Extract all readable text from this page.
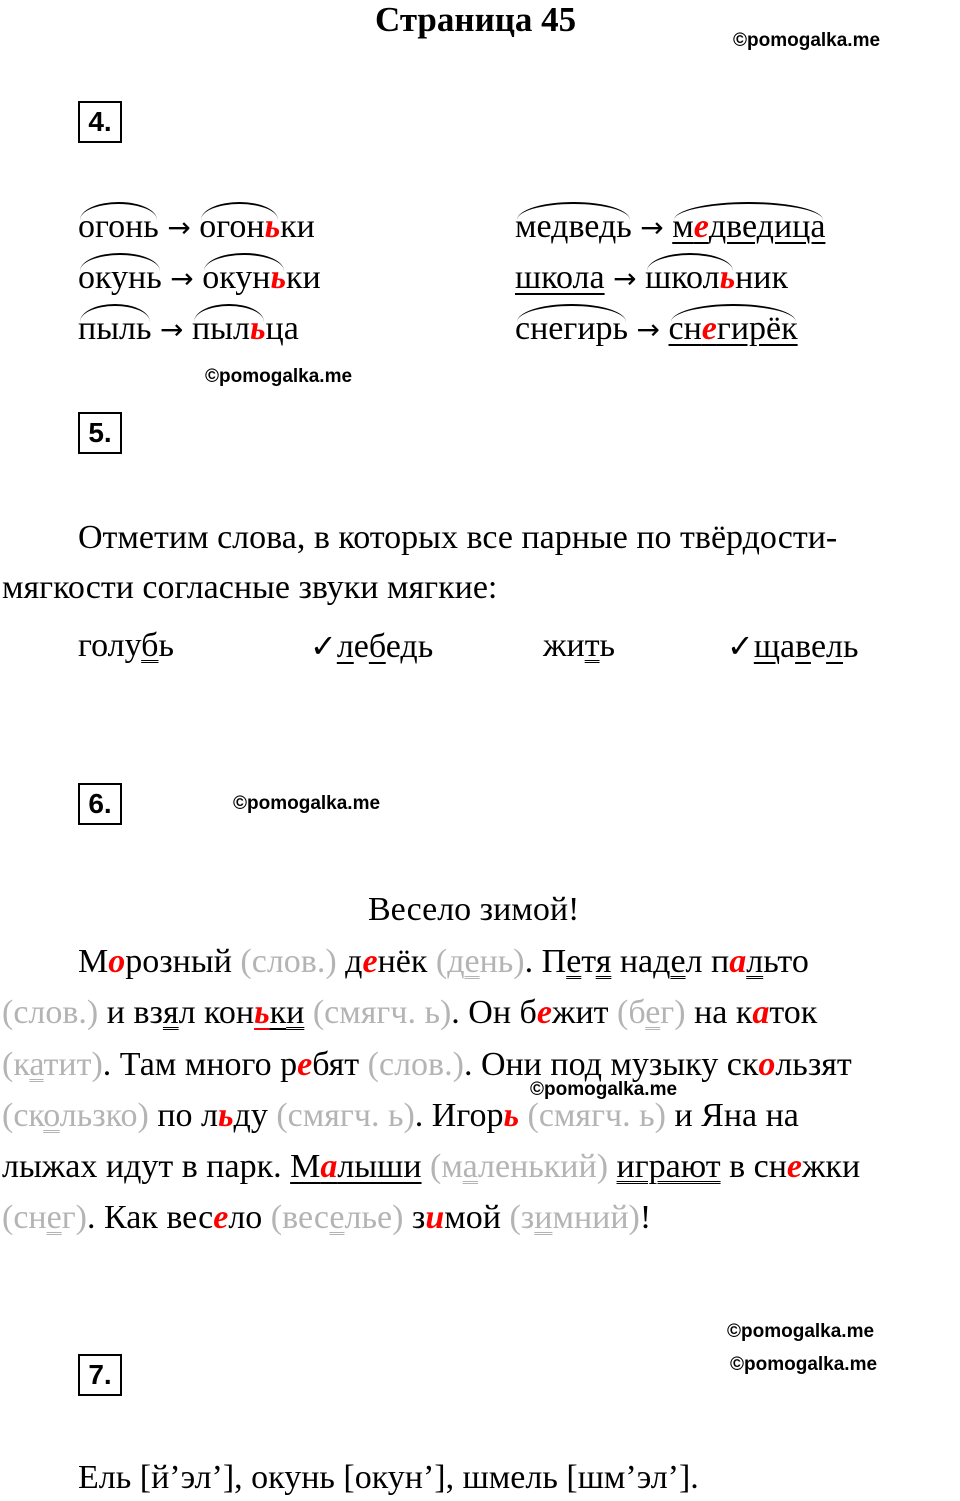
Страница 45
©pomogalka.me
4.
огонь → огоньки
окунь → окуньки
пыль → пыльца
медведь → медведица
школа → школьник
снегирь → снегирёк
©pomogalka.me
5.
Отметим слова, в которых все парные по твёрдости-
мягкости согласные звуки мягкие:
голубь	✓лебедь	жить	✓щавель
6.	©pomogalka.me
Весело зимой!
Морозный (слов.) денёк (день). Петя надел пальто
(слов.) и взял коньки (смягч. ь). Он бежит (бег) на каток
(катит). Там много ребят (слов.). Они под музыку скользят
©pomogalka.me
(скользко) по льду (смягч. ь). Игорь (смягч. ь) и Яна на
лыжах идут в парк. Малыши (маленький) играют в снежки
(снег). Как весело (веселье) зимой (зимний)!
©pomogalka.me
©pomogalka.me
7.
Ель [й’эл’], окунь [окун’], шмель [шм’эл’].
